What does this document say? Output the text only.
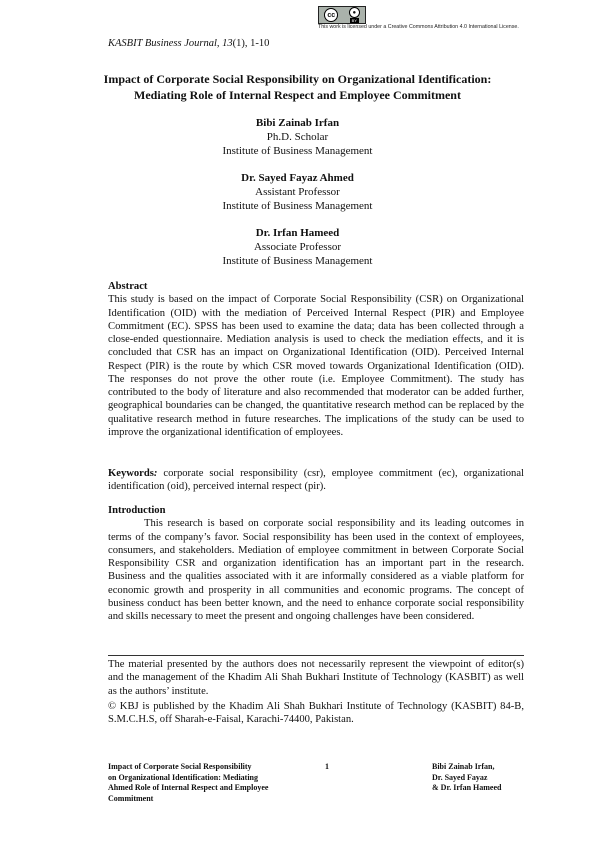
cc	●
BY
This work is licensed under a Creative Commons Attribution 4.0 International License.
KASBIT Business Journal, 13(1), 1-10
Impact of Corporate Social Responsibility on Organizational Identification:
Mediating Role of Internal Respect and Employee Commitment
Bibi Zainab Irfan
Ph.D. Scholar
Institute of Business Management
Dr. Sayed Fayaz Ahmed
Assistant Professor
Institute of Business Management
Dr. Irfan Hameed
Associate Professor
Institute of Business Management
Abstract
This study is based on the impact of Corporate Social Responsibility (CSR) on Organizational Identification (OID) with the mediation of Perceived Internal Respect (PIR) and Employee Commitment (EC). SPSS has been used to examine the data; data has been collected through a close-ended questionnaire. Mediation analysis is used to check the mediation effects, and it is concluded that CSR has an impact on Organizational Identification (OID). Perceived Internal Respect (PIR) is the route by which CSR moved towards Organizational Identification (OID). The responses do not prove the other route (i.e. Employee Commitment). The study has contributed to the body of literature and also recommended that moderator can be added further, geographical boundaries can be changed, the quantitative research method can be replaced by the qualitative research method in future researches. The implications of the study can be used to improve the organizational identification of employees.
Keywords: corporate social responsibility (csr), employee commitment (ec), organizational identification (oid), perceived internal respect (pir).
Introduction
This research is based on corporate social responsibility and its leading outcomes in terms of the company’s favor. Social responsibility has been used in the context of employees, consumers, and stakeholders. Mediation of employee commitment in between Corporate Social Responsibility CSR and organization identification has an important part in the research. Business and the qualities associated with it are informally considered as a viable platform for economic growth and prosperity in all communities and economic programs. The concept of business conduct has been better known, and the need to enhance corporate social responsibility and skills necessary to meet the present and ongoing challenges have been considered.
The material presented by the authors does not necessarily represent the viewpoint of editor(s) and the management of the Khadim Ali Shah Bukhari Institute of Technology (KASBIT) as well as the authors’ institute.
© KBJ is published by the Khadim Ali Shah Bukhari Institute of Technology (KASBIT) 84-B, S.M.C.H.S, off Sharah-e-Faisal, Karachi-74400, Pakistan.
Impact of Corporate Social Responsibility
on Organizational Identification: Mediating
Ahmed Role of Internal Respect and Employee
Commitment
1	Bibi Zainab Irfan,
Dr. Sayed Fayaz
& Dr. Irfan Hameed
